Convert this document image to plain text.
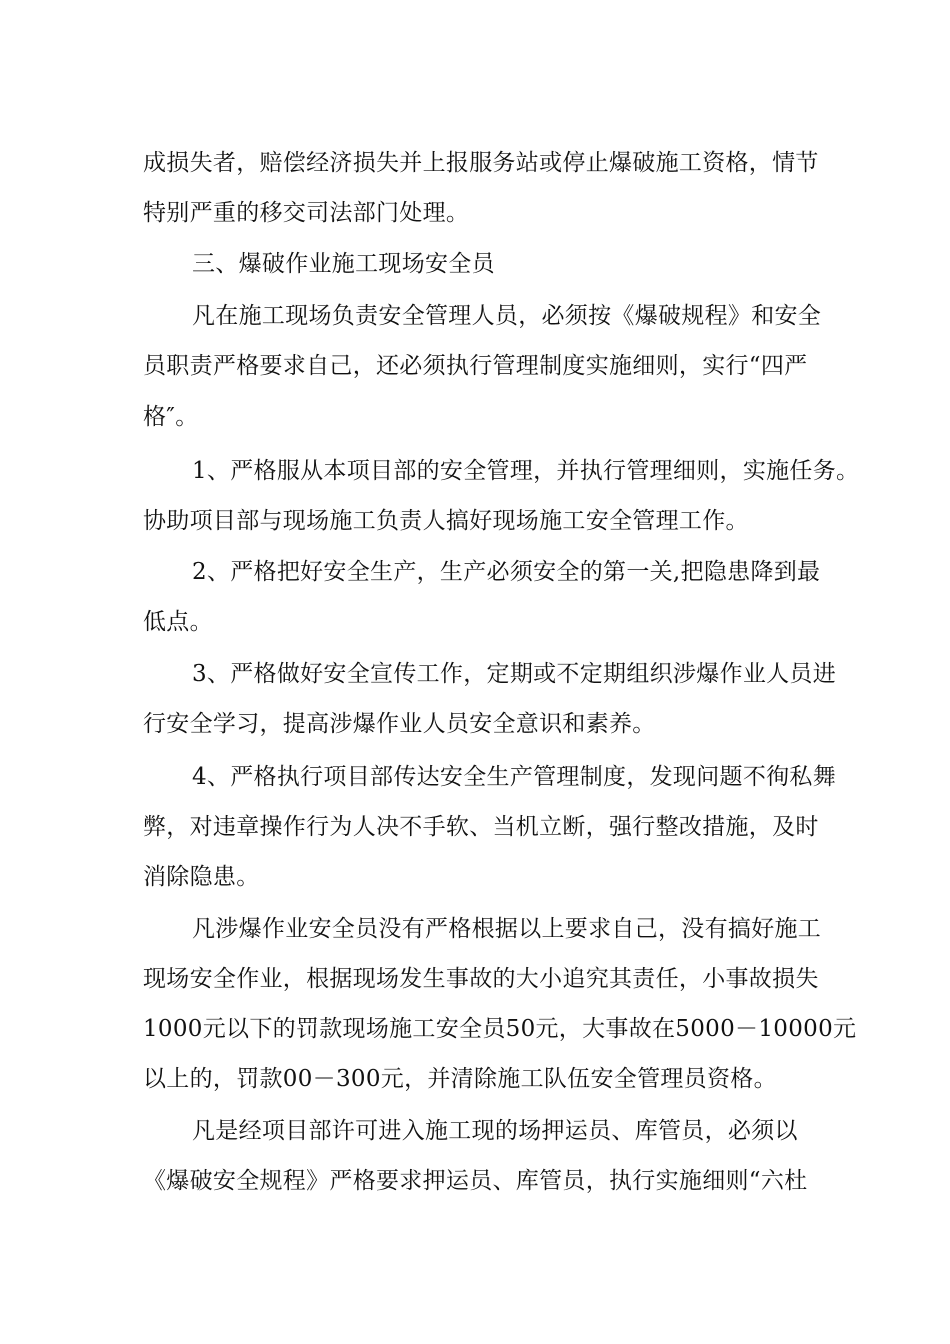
成损失者，赔偿经济损失并上报服务站或停止爆破施工资格，情节
特别严重的移交司法部门处理。
三、爆破作业施工现场安全员
凡在施工现场负责安全管理人员，必须按《爆破规程》和安全
员职责严格要求自己，还必须执行管理制度实施细则，实行“四严
格″。
1、严格服从本项目部的安全管理，并执行管理细则，实施任务。
协助项目部与现场施工负责人搞好现场施工安全管理工作。
2、严格把好安全生产，生产必须安全的第一关,把隐患降到最
低点。
3、严格做好安全宣传工作，定期或不定期组织涉爆作业人员进
行安全学习，提高涉爆作业人员安全意识和素养。
4、严格执行项目部传达安全生产管理制度，发现问题不徇私舞
弊，对违章操作行为人决不手软、当机立断，强行整改措施，及时
消除隐患。
凡涉爆作业安全员没有严格根据以上要求自己，没有搞好施工
现场安全作业，根据现场发生事故的大小追究其责任，小事故损失
1000元以下的罚款现场施工安全员50元，大事故在5000－10000元
以上的，罚款00－300元，并清除施工队伍安全管理员资格。
凡是经项目部许可进入施工现的场押运员、库管员，必须以
《爆破安全规程》严格要求押运员、库管员，执行实施细则“六杜
